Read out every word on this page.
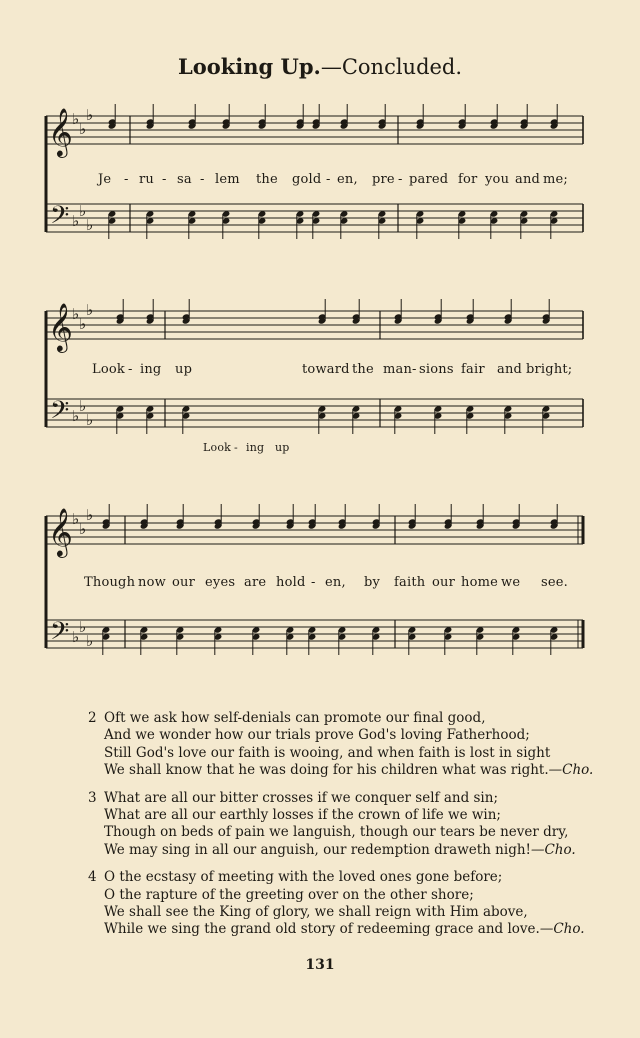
Looking Up.—Concluded.
𝄞
𝄢
♭
♭
♭
♭
♭
♭
Je - ru - sa - lem the gold - en, pre - pared for you and me;
𝄞
𝄢
♭
♭
♭
♭
♭
♭
Look - ing up	toward the man - sions fair and bright;
Look - ing up
𝄞
𝄢
♭
♭
♭
♭
♭
♭
Though now our eyes are hold - en, by faith our home we see.
2 Oft we ask how self-denials can promote our final good,
And we wonder how our trials prove God's loving Fatherhood;
Still God's love our faith is wooing, and when faith is lost in sight
We shall know that he was doing for his children what was right.—Cho.
3 What are all our bitter crosses if we conquer self and sin;
What are all our earthly losses if the crown of life we win;
Though on beds of pain we languish, though our tears be never dry,
We may sing in all our anguish, our redemption draweth nigh!—Cho.
4 O the ecstasy of meeting with the loved ones gone before;
O the rapture of the greeting over on the other shore;
We shall see the King of glory, we shall reign with Him above,
While we sing the grand old story of redeeming grace and love.—Cho.
131
